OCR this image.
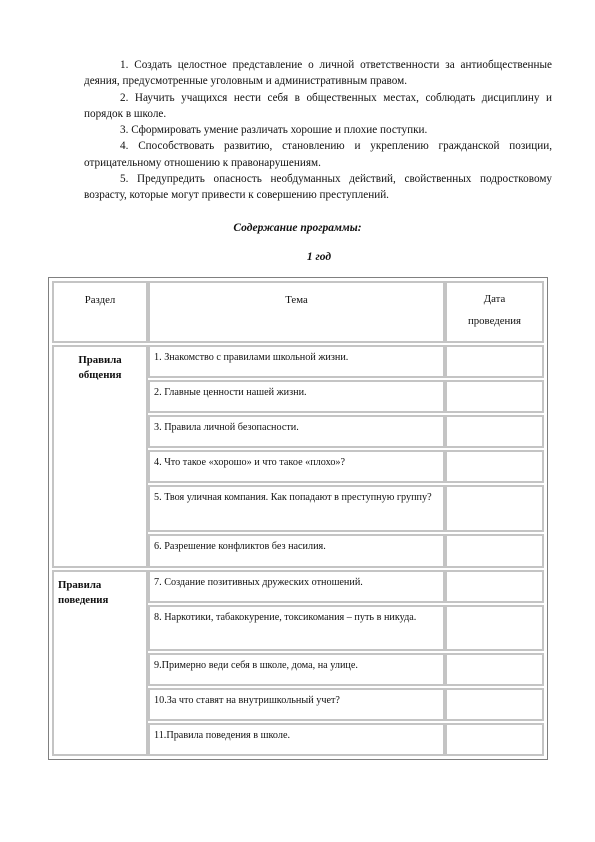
1. Создать целостное представление о личной ответственности за антиобщественные деяния, предусмотренные уголовным и административным правом.

2. Научить учащихся нести себя в общественных местах, соблюдать дисциплину и порядок в школе.

3. Сформировать умение различать хорошие и плохие поступки.

4. Способствовать развитию, становлению и укреплению гражданской позиции, отрицательному отношению к правонарушениям.

5. Предупредить опасность необдуманных действий, свойственных подростковому возрасту, которые могут привести к совершению преступлений.

Содержание программы:
1 год
Раздел	Тема	Дата
проведения
Правила общения
1. Знакомство с правилами школьной жизни.
2. Главные ценности нашей жизни.
3. Правила личной безопасности.
4. Что такое «хорошо» и что такое «плохо»?
5. Твоя уличная компания. Как попадают в преступную группу?
6. Разрешение конфликтов без насилия.
Правила поведения
7. Создание позитивных дружеских отношений.
8. Наркотики, табакокурение, токсикомания – путь в никуда.
9.Примерно веди себя в школе, дома, на улице.
10.За что ставят на внутришкольный учет?
11.Правила поведения в школе.
